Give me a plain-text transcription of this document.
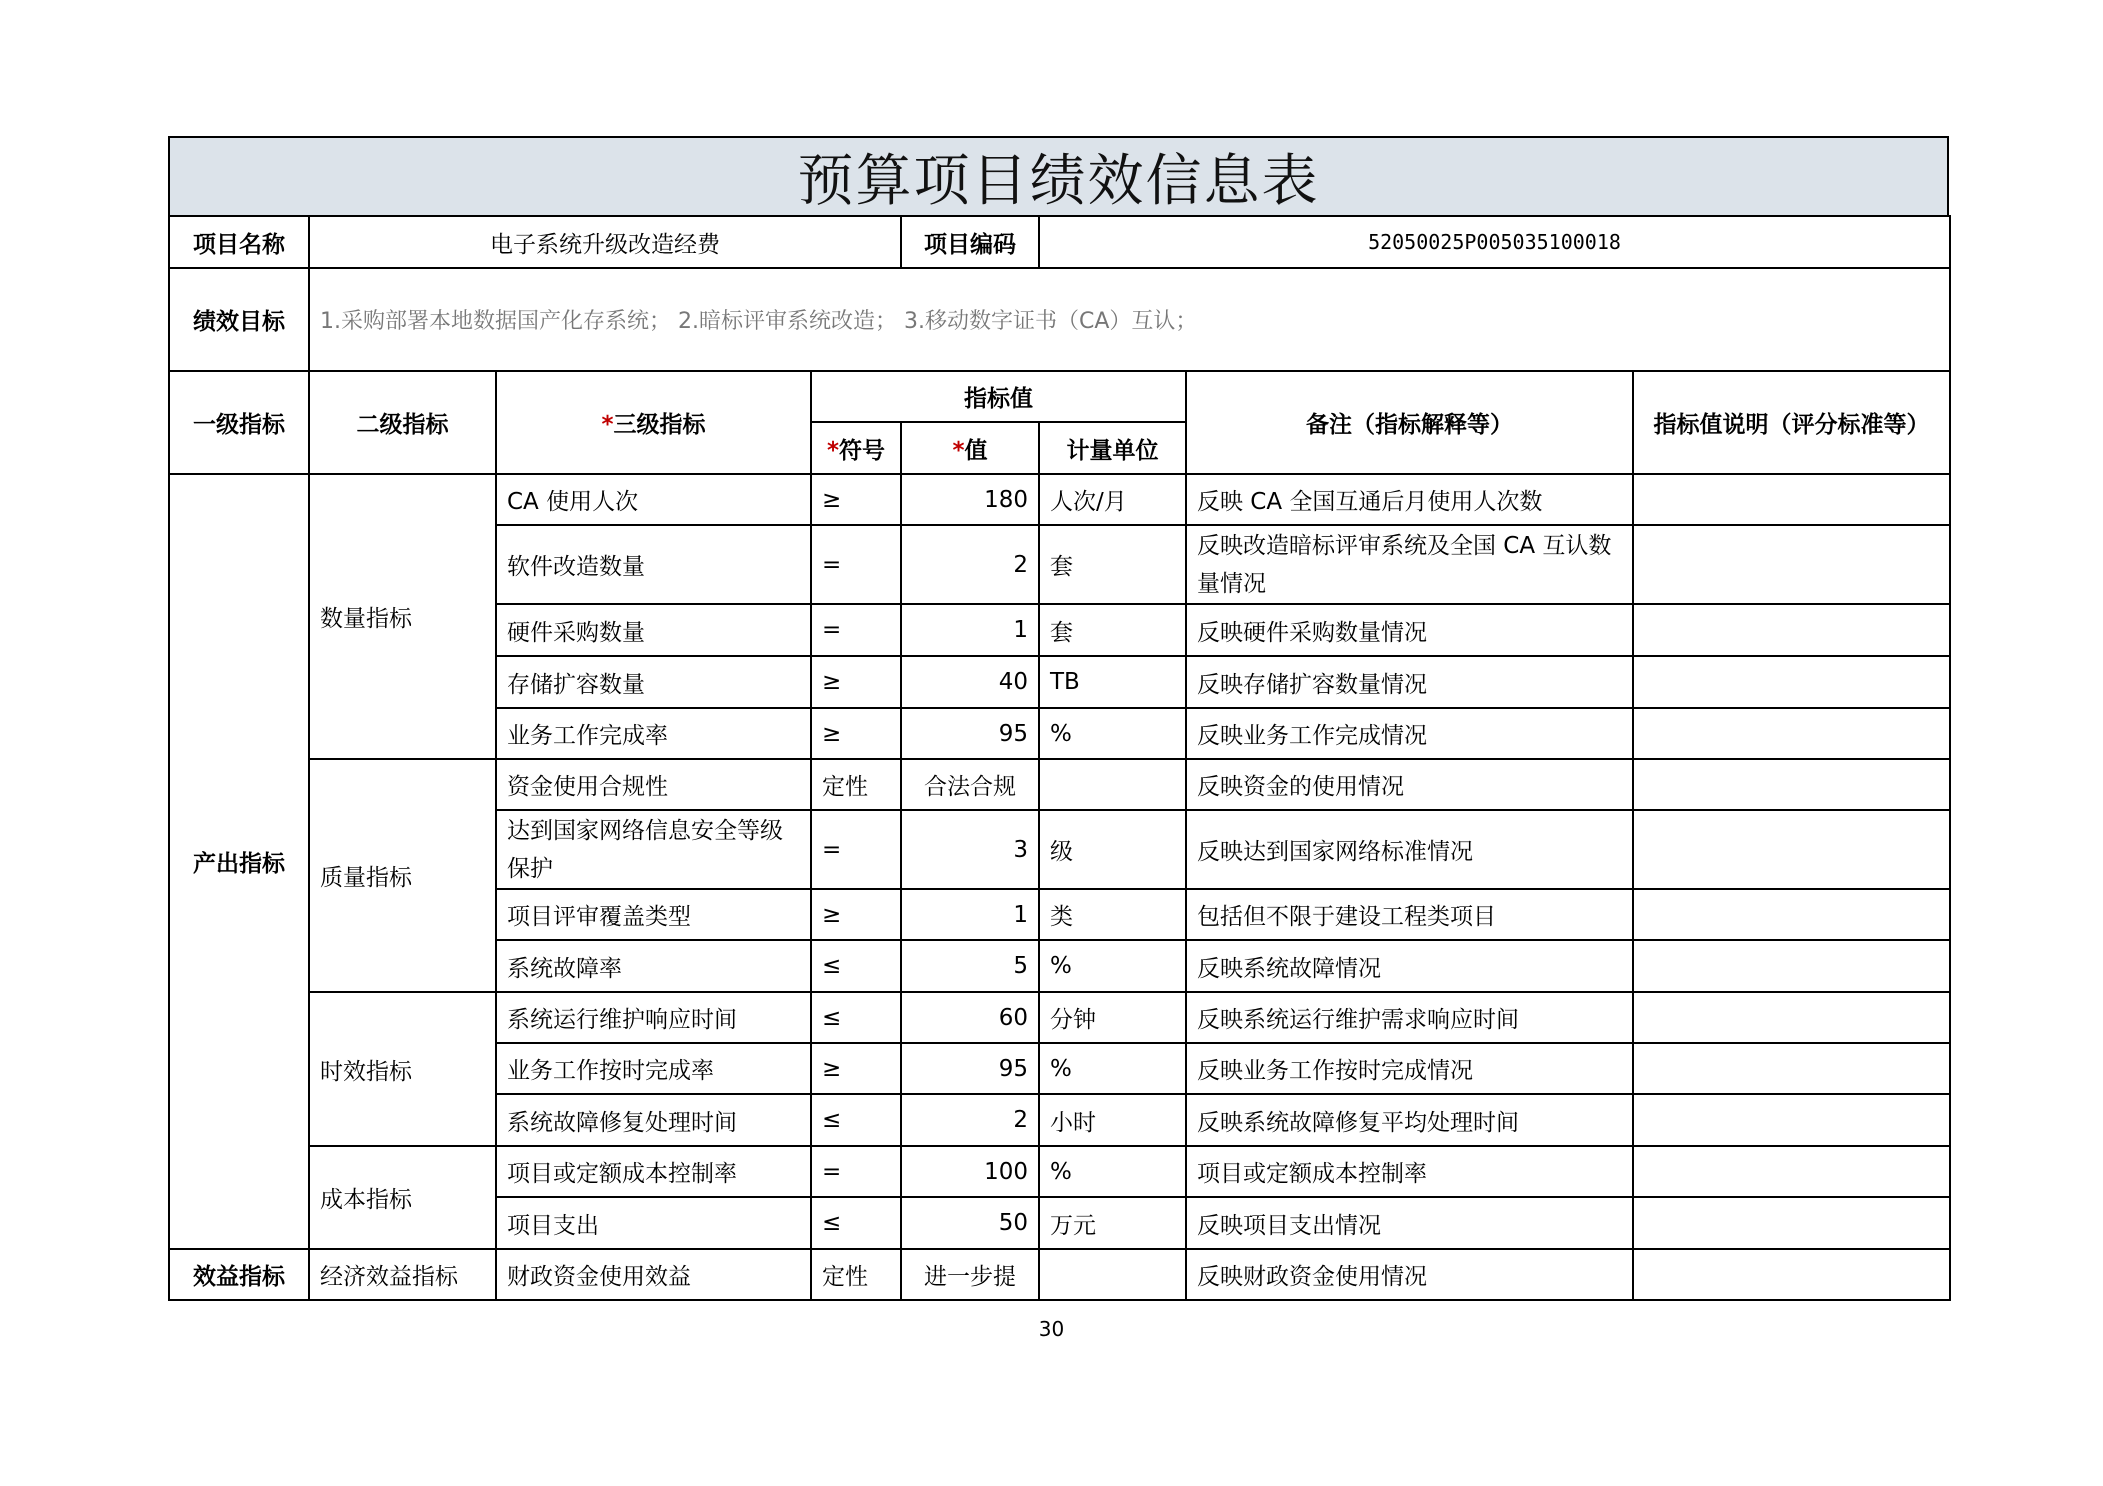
预算项目绩效信息表
项目名称	电子系统升级改造经费			项目编码	52050025P005035100018		
绩效目标	1.采购部署本地数据国产化存系统； 2.暗标评审系统改造； 3.移动数字证书（CA）互认；						
一级指标	二级指标	*三级指标	指标值			备注（指标解释等）	指标值说明（评分标准等）
			*符号	*值	计量单位		
产出指标	数量指标	CA 使用人次	≥	180	人次/月	反映 CA 全国互通后月使用人次数	
		软件改造数量	=	2	套	反映改造暗标评审系统及全国 CA 互认数量情况	
		硬件采购数量	=	1	套	反映硬件采购数量情况	
		存储扩容数量	≥	40	TB	反映存储扩容数量情况	
		业务工作完成率	≥	95	%	反映业务工作完成情况	
	质量指标	资金使用合规性	定性	合法合规		反映资金的使用情况	
		达到国家网络信息安全等级保护	=	3	级	反映达到国家网络标准情况	
		项目评审覆盖类型	≥	1	类	包括但不限于建设工程类项目	
		系统故障率	≤	5	%	反映系统故障情况	
	时效指标	系统运行维护响应时间	≤	60	分钟	反映系统运行维护需求响应时间	
		业务工作按时完成率	≥	95	%	反映业务工作按时完成情况	
		系统故障修复处理时间	≤	2	小时	反映系统故障修复平均处理时间	
	成本指标	项目或定额成本控制率	=	100	%	项目或定额成本控制率	
		项目支出	≤	50	万元	反映项目支出情况	
效益指标	经济效益指标	财政资金使用效益	定性	进一步提		反映财政资金使用情况	
30
